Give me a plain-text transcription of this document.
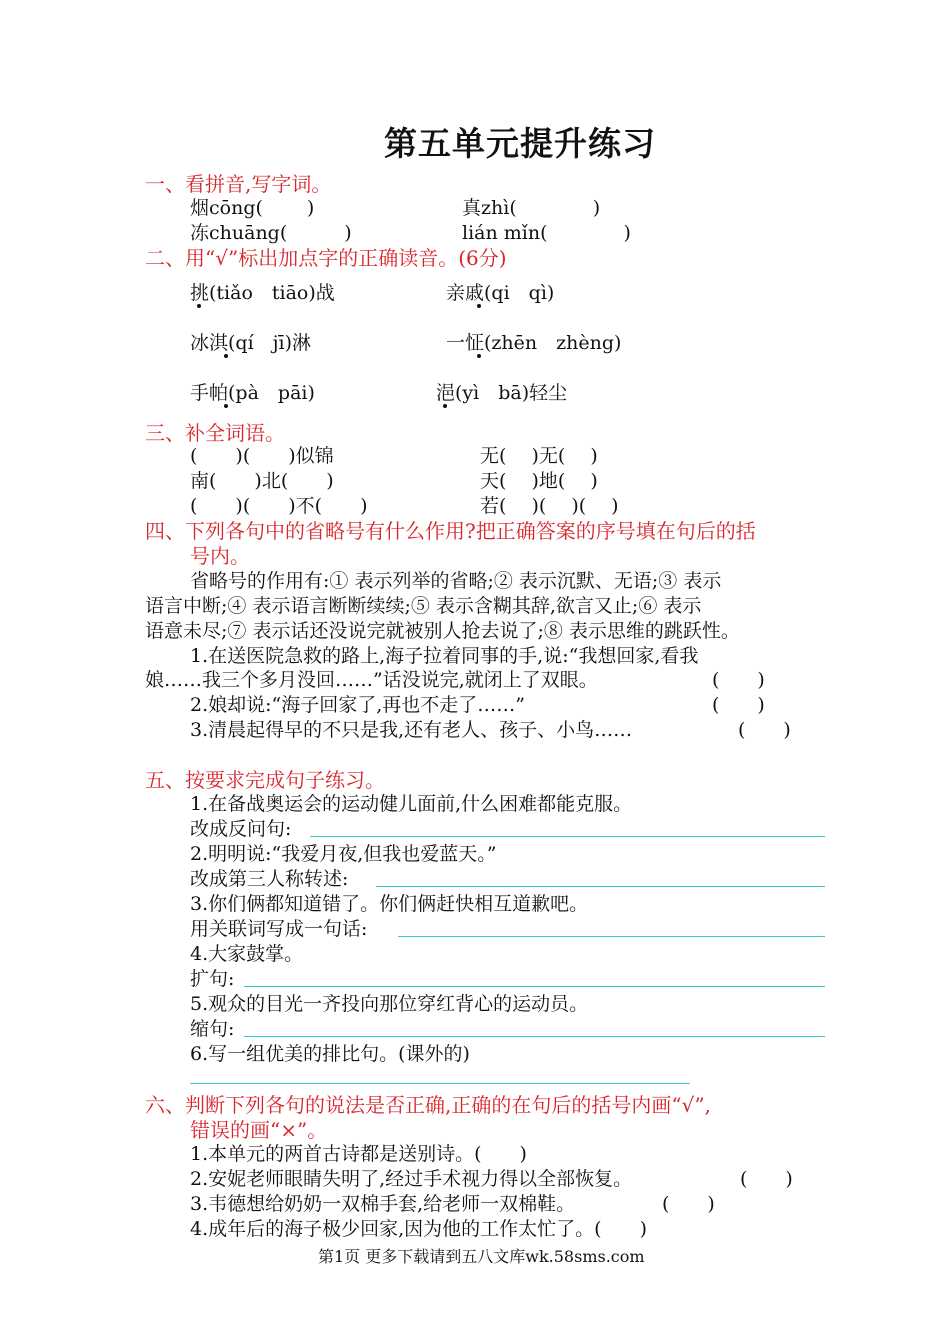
第五单元提升练习
一、看拼音,写字词。
烟cōng(　　 )	真zhì(　　　　)
冻chuāng(　　　)	lián mǐn(　　　　)
二、用“√”标出加点字的正确读音。(6分)
挑(tiǎo　tiāo)战	亲戚(qi　qì)
冰淇(qí　jī)淋	一怔(zhēn　zhèng)
手帕(pà　pāi)	浥(yì　bā)轻尘
三、补全词语。
(　　)(　　)似锦	无(　 )无(　 )
南(　　)北(　　)	天(　 )地(　 )
(　　)(　　)不(　　)	若(　 )(　 )(　 )
四、下列各句中的省略号有什么作用?把正确答案的序号填在句后的括
号内。
省略号的作用有:① 表示列举的省略;② 表示沉默、无语;③ 表示
语言中断;④ 表示语言断断续续;⑤ 表示含糊其辞,欲言又止;⑥ 表示
语意未尽;⑦ 表示话还没说完就被别人抢去说了;⑧ 表示思维的跳跃性。
1.在送医院急救的路上,海子拉着同事的手,说:“我想回家,看我
娘……我三个多月没回……”话没说完,就闭上了双眼。	(　　)
2.娘却说:“海子回家了,再也不走了……”	(　　)
3.清晨起得早的不只是我,还有老人、孩子、小鸟……	(　　)
五、按要求完成句子练习。
1.在备战奥运会的运动健儿面前,什么困难都能克服。
改成反问句:
2.明明说:“我爱月夜,但我也爱蓝天。”
改成第三人称转述:
3.你们俩都知道错了。你们俩赶快相互道歉吧。
用关联词写成一句话:
4.大家鼓掌。
扩句:
5.观众的目光一齐投向那位穿红背心的运动员。
缩句:
6.写一组优美的排比句。(课外的)
六、判断下列各句的说法是否正确,正确的在句后的括号内画“√”,
错误的画“×”。
1.本单元的两首古诗都是送别诗。(　　)
2.安妮老师眼睛失明了,经过手术视力得以全部恢复。	(　　)
3.韦德想给奶奶一双棉手套,给老师一双棉鞋。	(　　)
4.成年后的海子极少回家,因为他的工作太忙了。(　　)
第1页 更多下载请到五八文库wk.58sms.com
